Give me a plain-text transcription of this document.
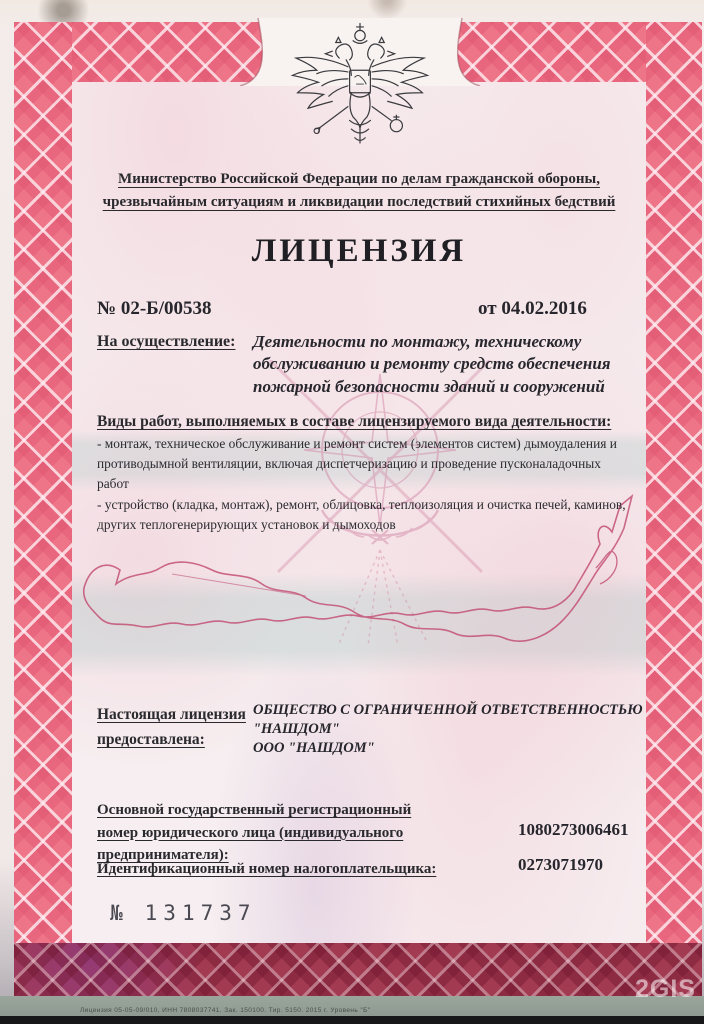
Министерство Российской Федерации по делам гражданской обороны,
чрезвычайным ситуациям и ликвидации последствий стихийных бедствий
ЛИЦЕНЗИЯ
№ 02-Б/00538	от 04.02.2016
На осуществление: Деятельности по монтажу, техническому обслуживанию и ремонту средств обеспечения пожарной безопасности зданий и сооружений
Виды работ, выполняемых в составе лицензируемого вида деятельности:

- монтаж, техническое обслуживание и ремонт систем (элементов систем) дымоудаления и противодымной вентиляции, включая диспетчеризацию и проведение пусконаладочных работ

- устройство (кладка, монтаж), ремонт, облицовка, теплоизоляция и очистка печей, каминов, других теплогенерирующих установок и дымоходов

Настоящая лицензия
предоставлена:
ОБЩЕСТВО С ОГРАНИЧЕННОЙ ОТВЕТСТВЕННОСТЬЮ
"НАШДОМ"
ООО "НАШДОМ"
Основной государственный регистрационный номер юридического лица (индивидуального предпринимателя):
1080273006461
Идентификационный номер налогоплательщика:	0273071970
№ 131737
Лицензия 05-05-09/010, ИНН 7808037741. Зак. 150100. Тир. 5150. 2015 г. Уровень "Б"
2GIS
